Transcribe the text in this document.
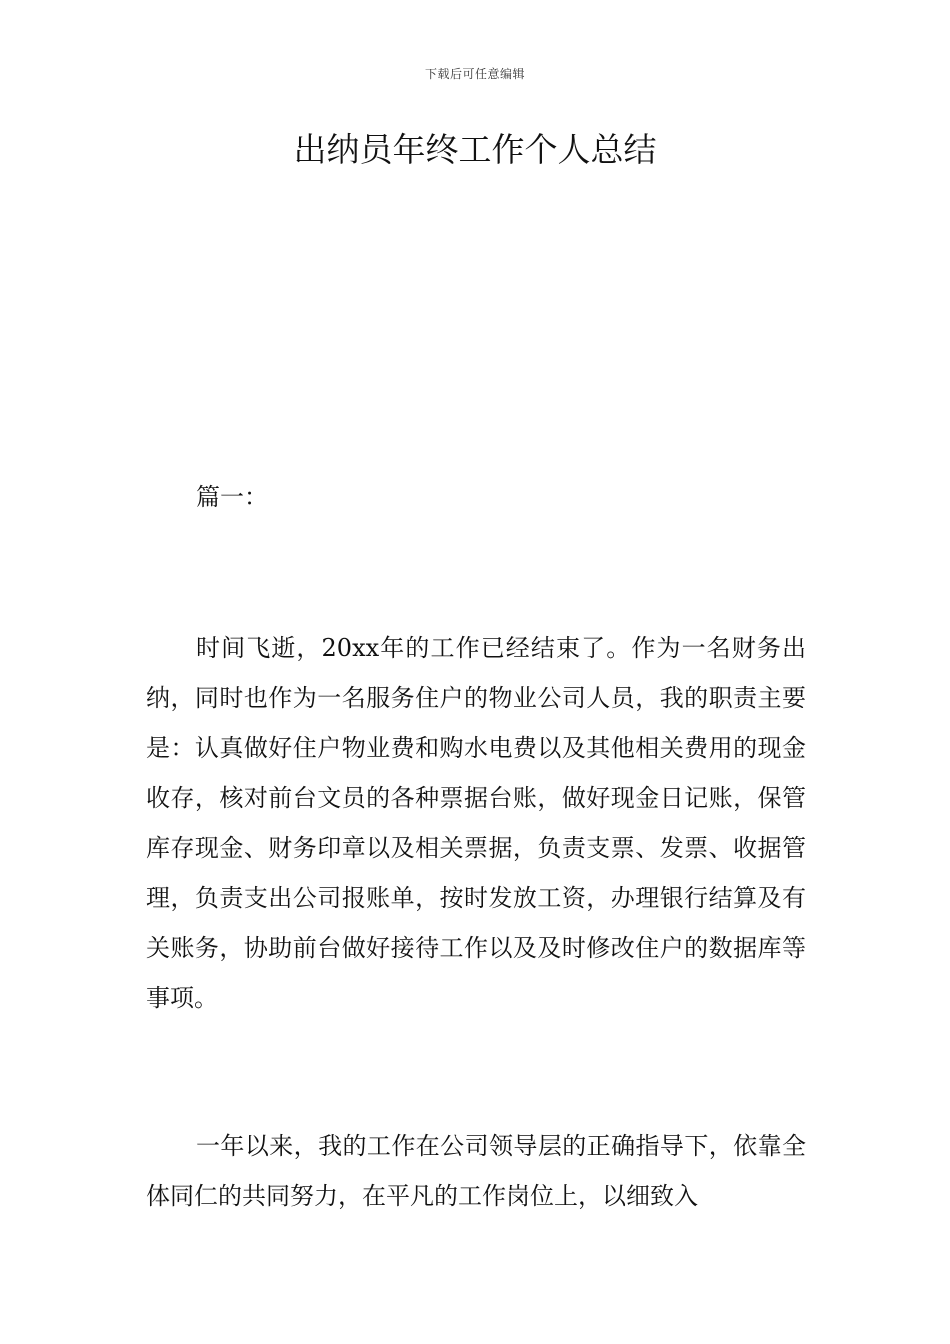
下载后可任意编辑
出纳员年终工作个人总结

篇一：

时间飞逝，20xx年的工作已经结束了。作为一名财务出纳，同时也作为一名服务住户的物业公司人员，我的职责主要是：认真做好住户物业费和购水电费以及其他相关费用的现金收存，核对前台文员的各种票据台账，做好现金日记账，保管库存现金、财务印章以及相关票据，负责支票、发票、收据管理，负责支出公司报账单，按时发放工资，办理银行结算及有关账务，协助前台做好接待工作以及及时修改住户的数据库等事项。

一年以来，我的工作在公司领导层的正确指导下，依靠全体同仁的共同努力，在平凡的工作岗位上，以细致入
